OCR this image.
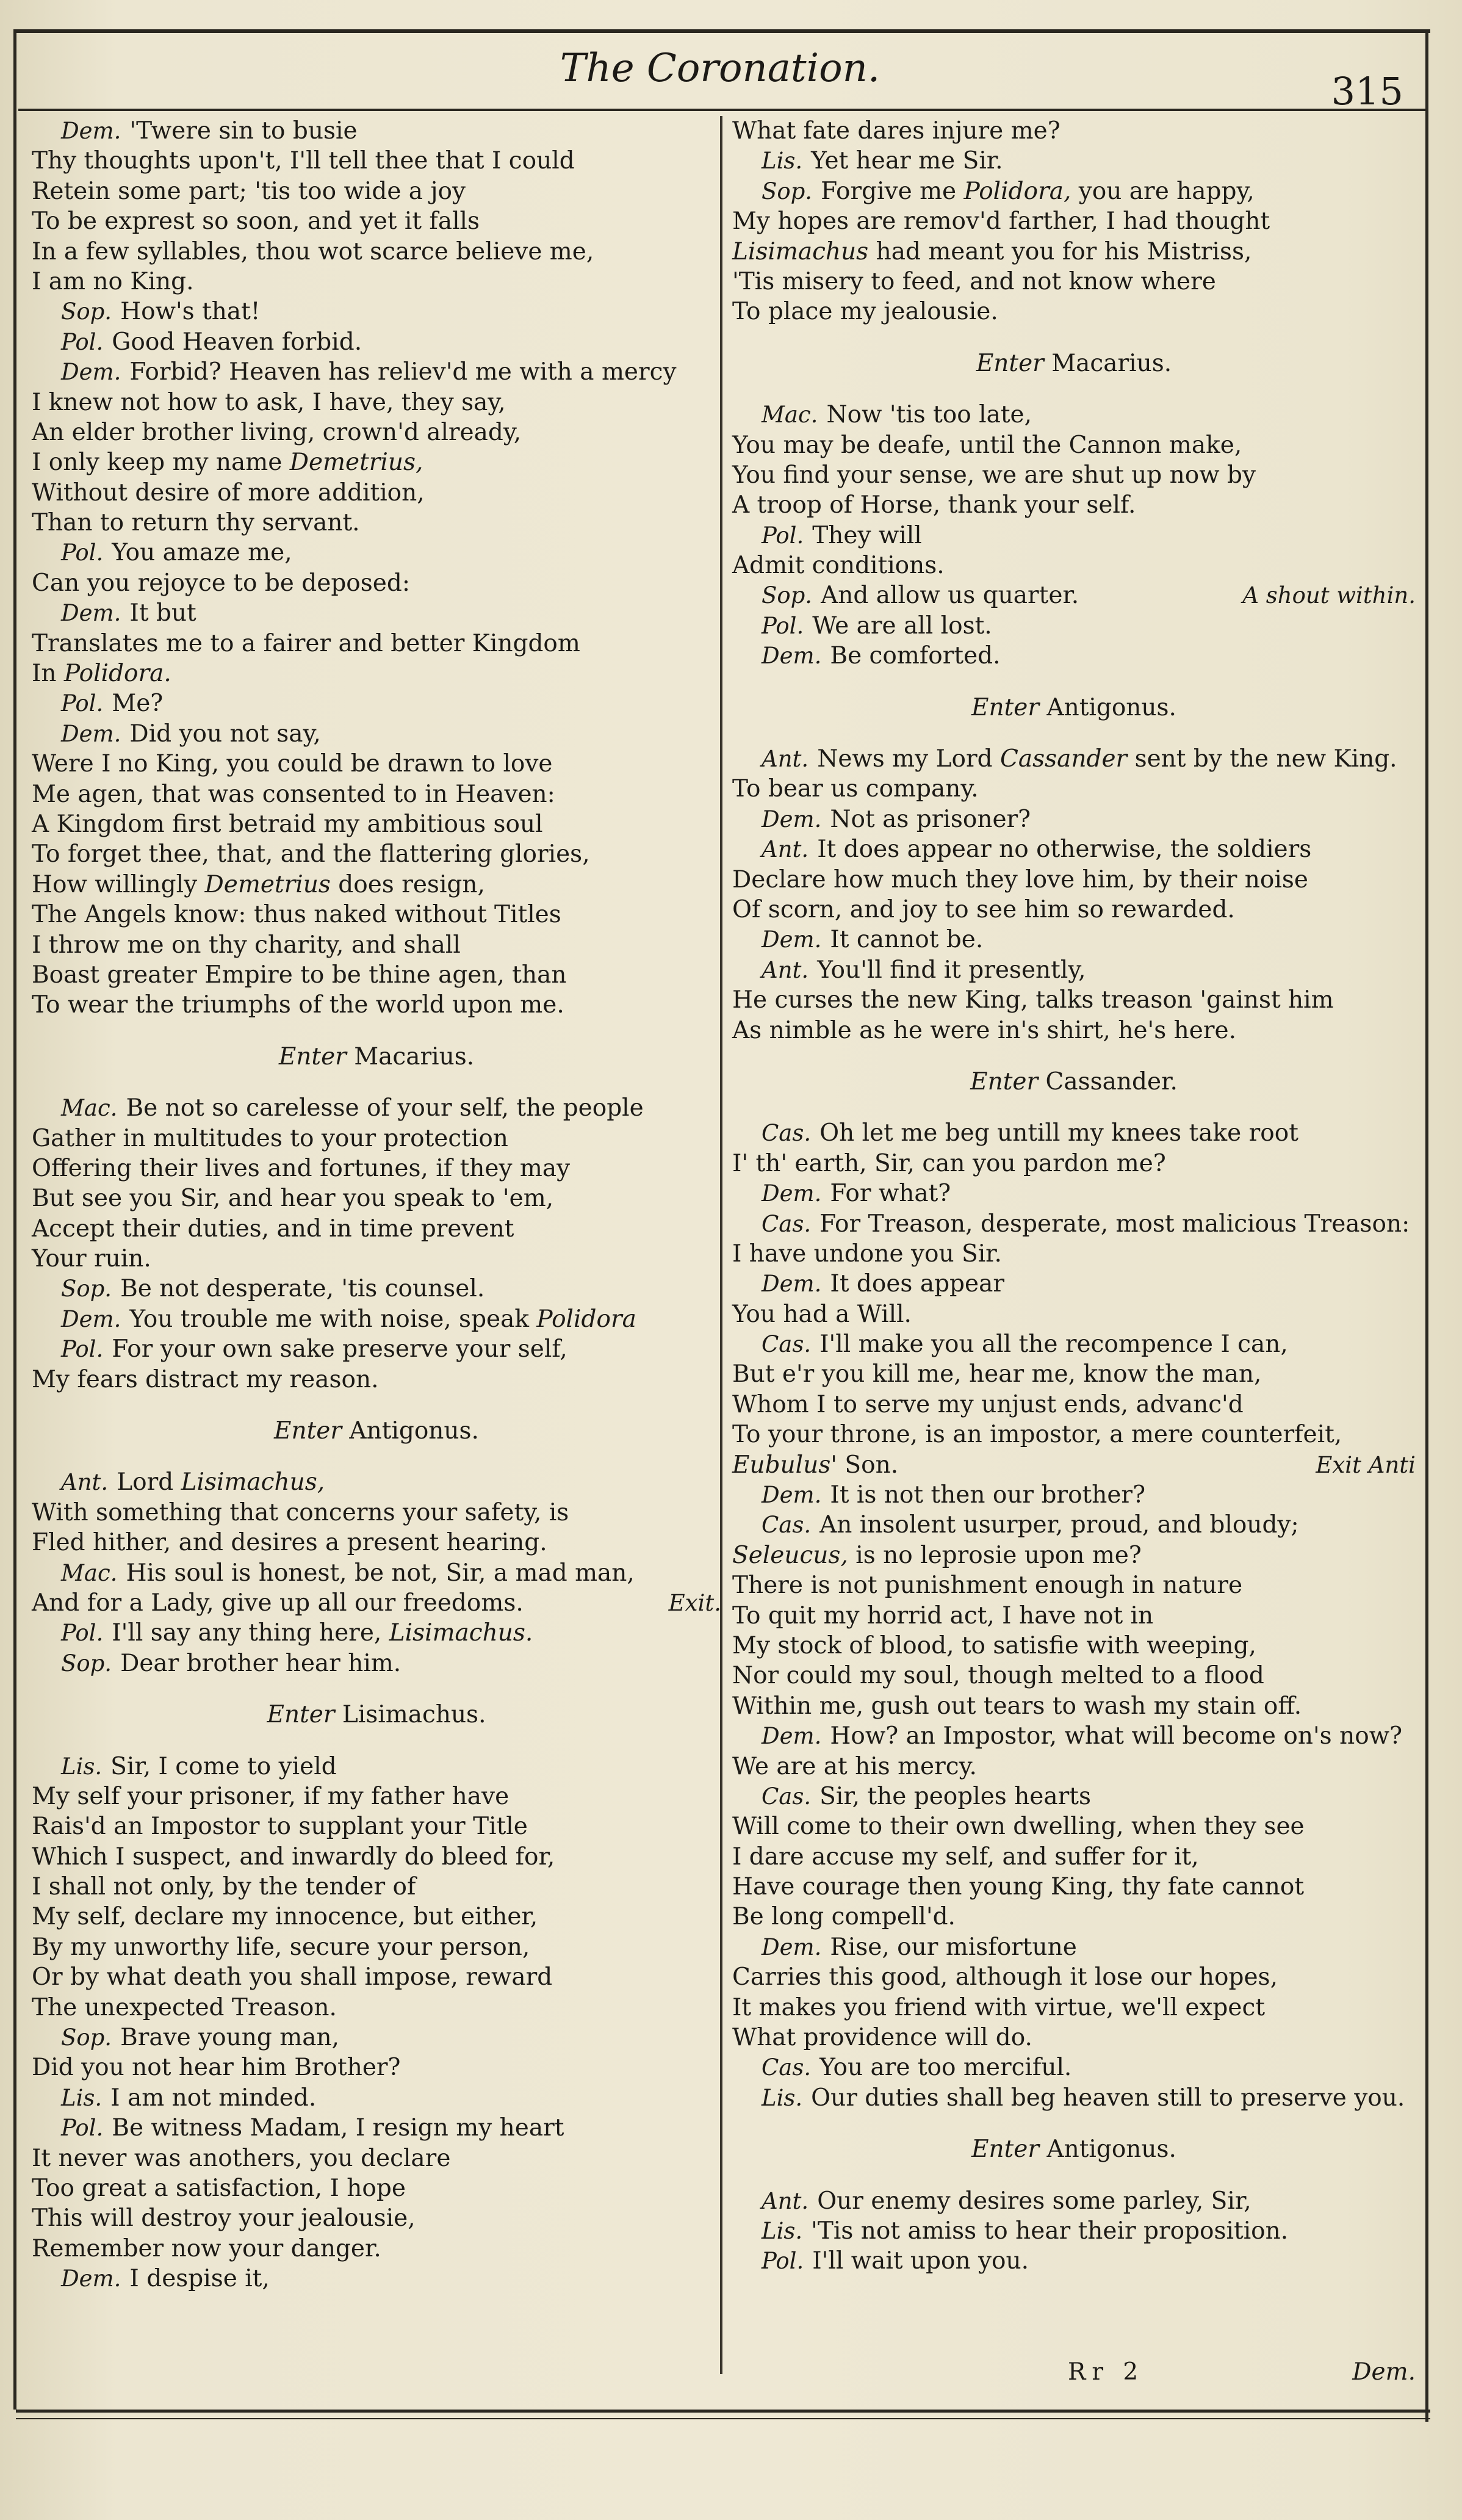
The Coronation.
315
Dem. 'Twere sin to busie
Thy thoughts upon't, I'll tell thee that I could
Retein some part; 'tis too wide a joy
To be exprest so soon, and yet it falls
In a few syllables, thou wot scarce believe me,
I am no King.
Sop. How's that!
Pol. Good Heaven forbid.
Dem. Forbid? Heaven has reliev'd me with a mercy
I knew not how to ask, I have, they say,
An elder brother living, crown'd already,
I only keep my name Demetrius,
Without desire of more addition,
Than to return thy servant.
Pol. You amaze me,
Can you rejoyce to be deposed:
Dem. It but
Translates me to a fairer and better Kingdom
In Polidora.
Pol. Me?
Dem. Did you not say,
Were I no King, you could be drawn to love
Me agen, that was consented to in Heaven:
A Kingdom first betraid my ambitious soul
To forget thee, that, and the flattering glories,
How willingly Demetrius does resign,
The Angels know: thus naked without Titles
I throw me on thy charity, and shall
Boast greater Empire to be thine agen, than
To wear the triumphs of the world upon me.
Enter Macarius.
Mac. Be not so carelesse of your self, the people
Gather in multitudes to your protection
Offering their lives and fortunes, if they may
But see you Sir, and hear you speak to 'em,
Accept their duties, and in time prevent
Your ruin.
Sop. Be not desperate, 'tis counsel.
Dem. You trouble me with noise, speak Polidora
Pol. For your own sake preserve your self,
My fears distract my reason.
Enter Antigonus.
Ant. Lord Lisimachus,
With something that concerns your safety, is
Fled hither, and desires a present hearing.
Mac. His soul is honest, be not, Sir, a mad man,
And for a Lady, give up all our freedoms.	Exit.
Pol. I'll say any thing here, Lisimachus.
Sop. Dear brother hear him.
Enter Lisimachus.
Lis. Sir, I come to yield
My self your prisoner, if my father have
Rais'd an Impostor to supplant your Title
Which I suspect, and inwardly do bleed for,
I shall not only, by the tender of
My self, declare my innocence, but either,
By my unworthy life, secure your person,
Or by what death you shall impose, reward
The unexpected Treason.
Sop. Brave young man,
Did you not hear him Brother?
Lis. I am not minded.
Pol. Be witness Madam, I resign my heart
It never was anothers, you declare
Too great a satisfaction, I hope
This will destroy your jealousie,
Remember now your danger.
Dem. I despise it,
What fate dares injure me?
Lis. Yet hear me Sir.
Sop. Forgive me Polidora, you are happy,
My hopes are remov'd farther, I had thought
Lisimachus had meant you for his Mistriss,
'Tis misery to feed, and not know where
To place my jealousie.
Enter Macarius.
Mac. Now 'tis too late,
You may be deafe, until the Cannon make,
You find your sense, we are shut up now by
A troop of Horse, thank your self.
Pol. They will
Admit conditions.
Sop. And allow us quarter.	A shout within.
Pol. We are all lost.
Dem. Be comforted.
Enter Antigonus.
Ant. News my Lord Cassander sent by the new King.
To bear us company.
Dem. Not as prisoner?
Ant. It does appear no otherwise, the soldiers
Declare how much they love him, by their noise
Of scorn, and joy to see him so rewarded.
Dem. It cannot be.
Ant. You'll find it presently,
He curses the new King, talks treason 'gainst him
As nimble as he were in's shirt, he's here.
Enter Cassander.
Cas. Oh let me beg untill my knees take root
I' th' earth, Sir, can you pardon me?
Dem. For what?
Cas. For Treason, desperate, most malicious Treason:
I have undone you Sir.
Dem. It does appear
You had a Will.
Cas. I'll make you all the recompence I can,
But e'r you kill me, hear me, know the man,
Whom I to serve my unjust ends, advanc'd
To your throne, is an impostor, a mere counterfeit,
Eubulus' Son.	Exit Anti
Dem. It is not then our brother?
Cas. An insolent usurper, proud, and bloudy;
Seleucus, is no leprosie upon me?
There is not punishment enough in nature
To quit my horrid act, I have not in
My stock of blood, to satisfie with weeping,
Nor could my soul, though melted to a flood
Within me, gush out tears to wash my stain off.
Dem. How? an Impostor, what will become on's now?
We are at his mercy.
Cas. Sir, the peoples hearts
Will come to their own dwelling, when they see
I dare accuse my self, and suffer for it,
Have courage then young King, thy fate cannot
Be long compell'd.
Dem. Rise, our misfortune
Carries this good, although it lose our hopes,
It makes you friend with virtue, we'll expect
What providence will do.
Cas. You are too merciful.
Lis. Our duties shall beg heaven still to preserve you.
Enter Antigonus.
Ant. Our enemy desires some parley, Sir,
Lis. 'Tis not amiss to hear their proposition.
Pol. I'll wait upon you.
Rr 2	Dem.
